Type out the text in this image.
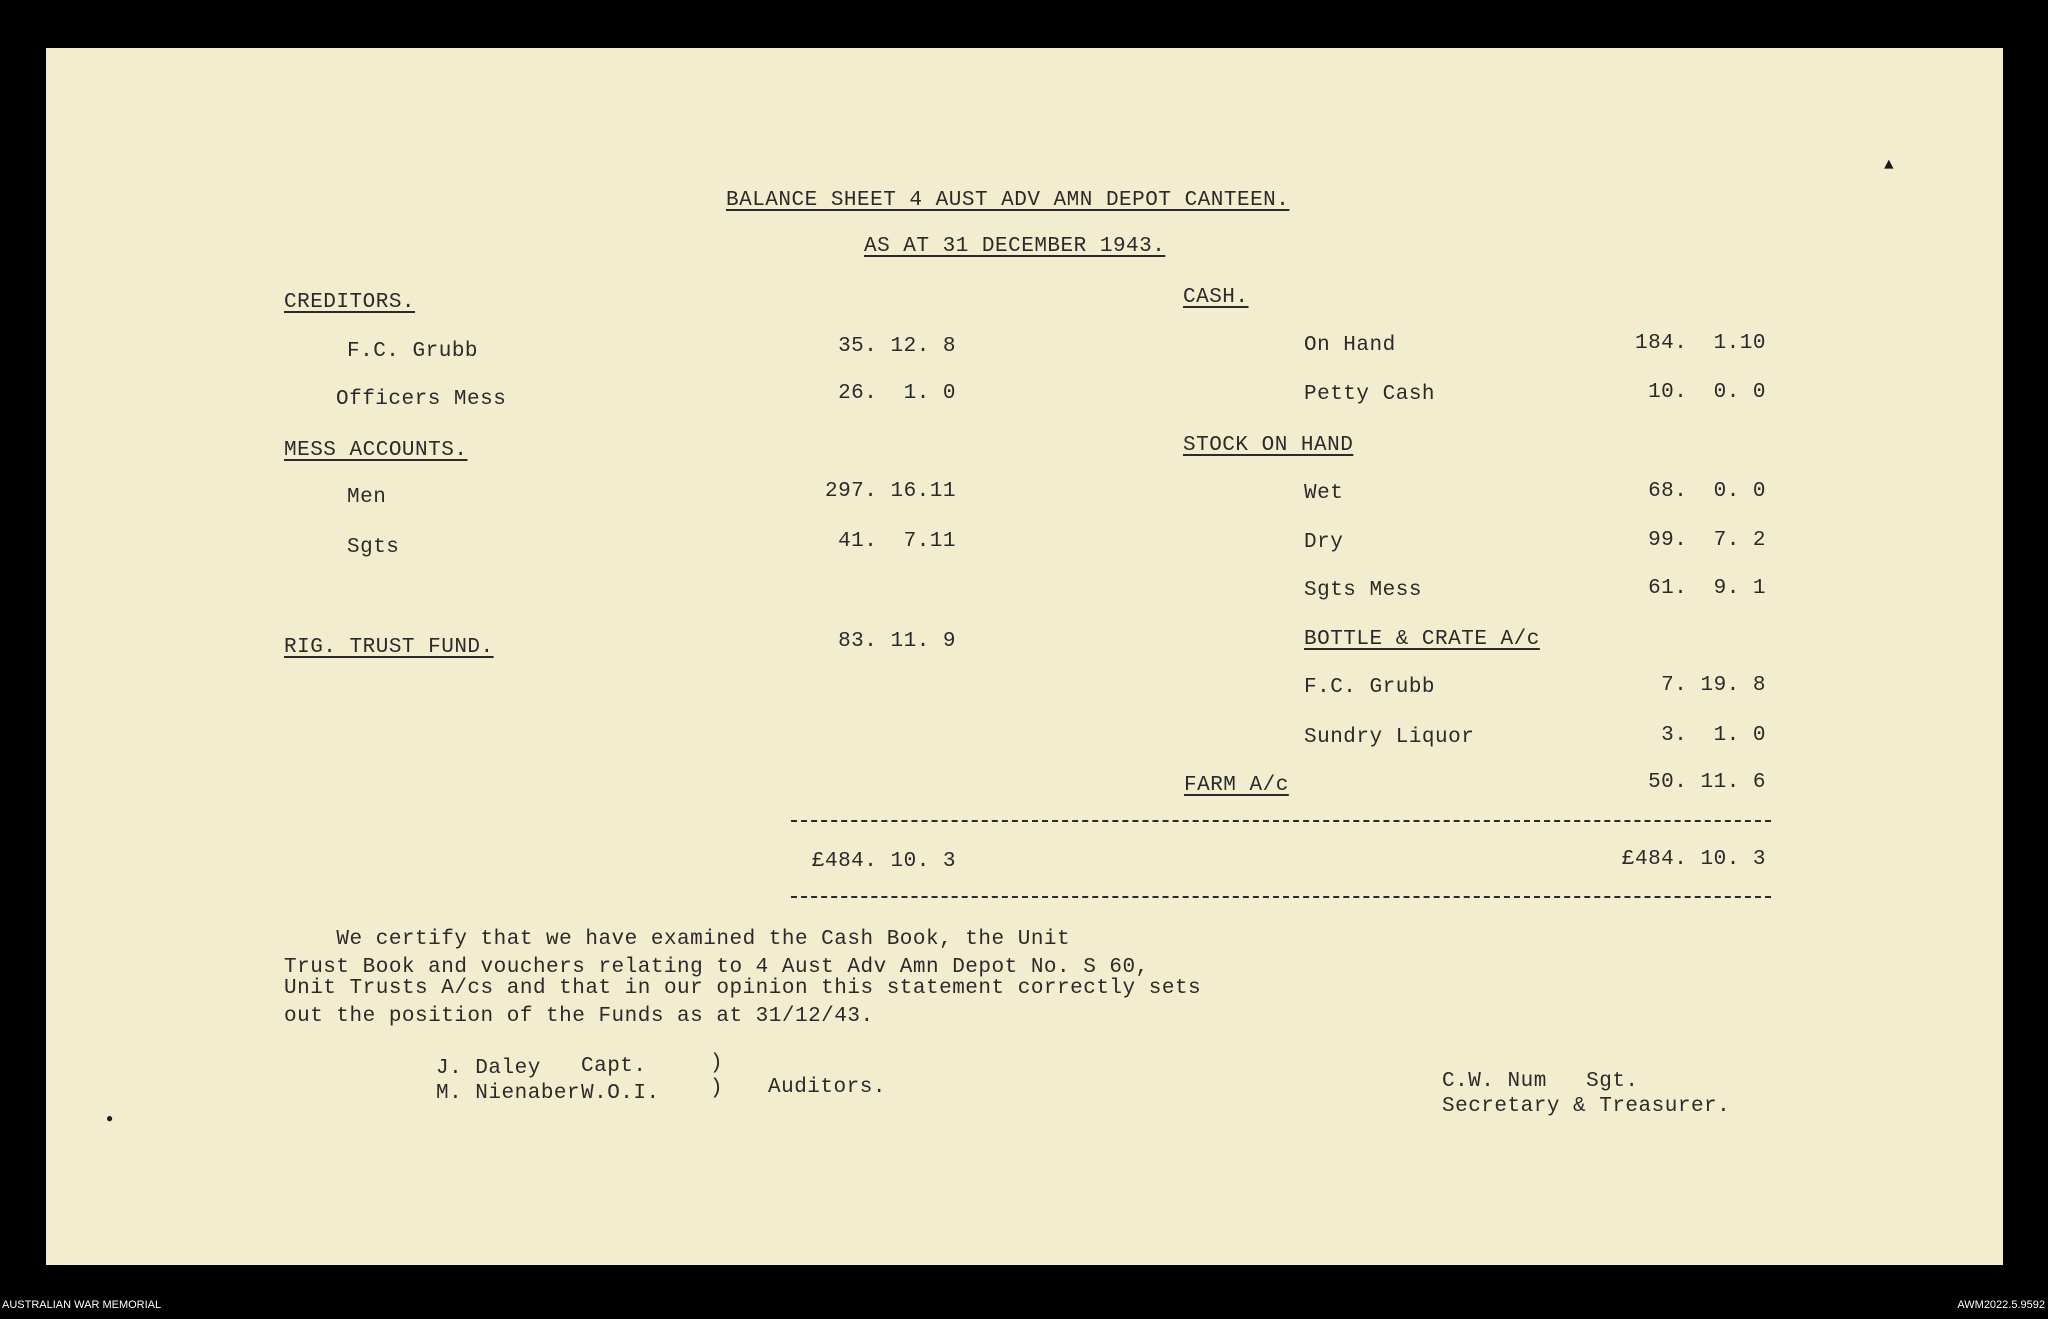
BALANCE SHEET 4 AUST ADV AMN DEPOT CANTEEN.
AS AT 31 DECEMBER 1943.
CREDITORS.
F.C. Grubb	35. 12. 8
Officers Mess	26.  1. 0
MESS ACCOUNTS.
Men	297. 16.11
Sgts	41.  7.11
RIG. TRUST FUND.	83. 11. 9
CASH.
On Hand	184.  1.10
Petty Cash	10.  0. 0
STOCK ON HAND
Wet	68.  0. 0
Dry	99.  7. 2
Sgts Mess	61.  9. 1
BOTTLE & CRATE A/c
F.C. Grubb	7. 19. 8
Sundry Liquor	3.  1. 0
FARM A/c	50. 11. 6
£484. 10. 3	£484. 10. 3
We certify that we have examined the Cash Book, the Unit
Trust Book and vouchers relating to 4 Aust Adv Amn Depot No. S 60,
Unit Trusts A/cs and that in our opinion this statement correctly sets
out the position of the Funds as at 31/12/43.
J. Daley Capt.
M. Nienaber W.O.I.
)
) Auditors.	C.W. Num   Sgt.
Secretary & Treasurer.
▲
●
AUSTRALIAN WAR MEMORIAL	AWM2022.5.9592
